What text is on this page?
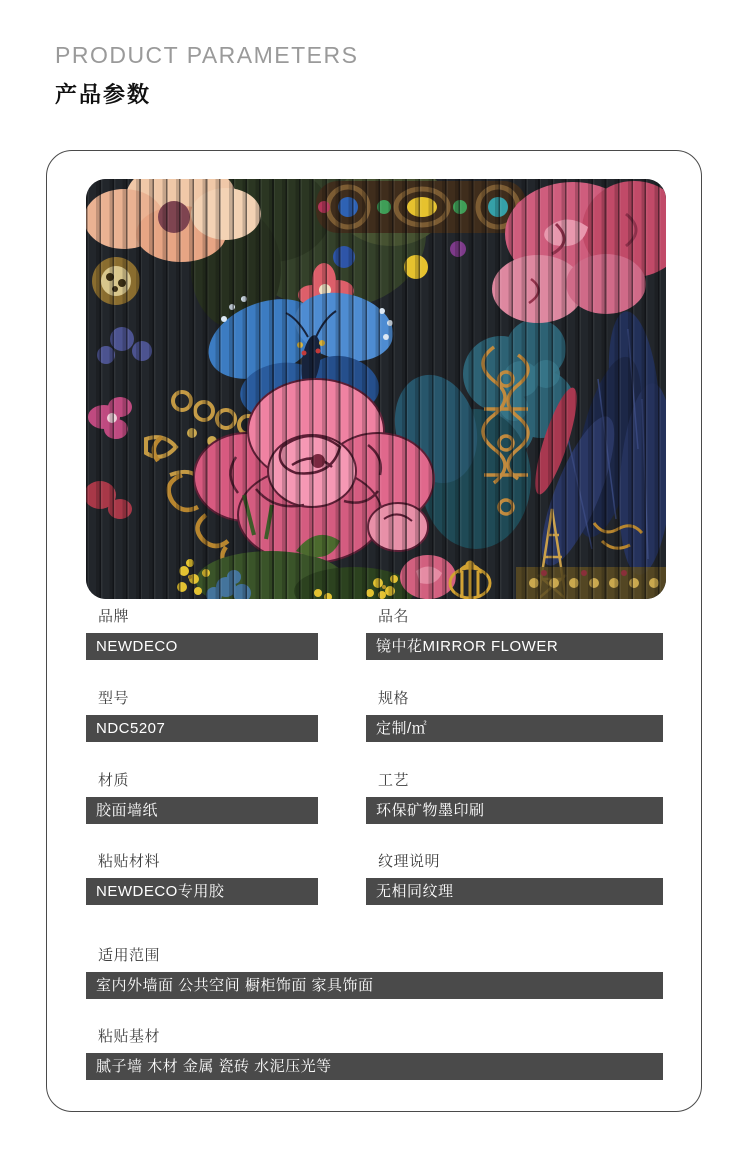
PRODUCT PARAMETERS
产品参数
品牌
NEWDECO
品名
镜中花MIRROR FLOWER
型号
NDC5207
规格
定制/㎡
材质
胶面墙纸
工艺
环保矿物墨印刷
粘贴材料
NEWDECO专用胶
纹理说明
无相同纹理
适用范围
室内外墙面 公共空间 橱柜饰面 家具饰面
粘贴基材
腻子墙 木材 金属 瓷砖 水泥压光等
